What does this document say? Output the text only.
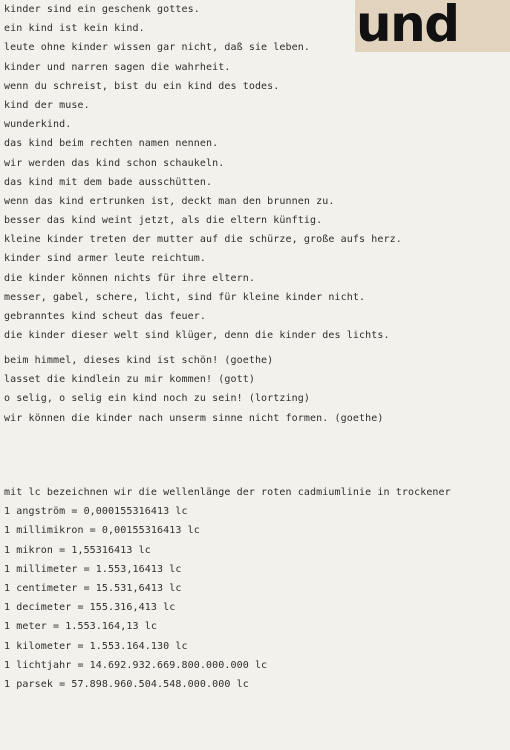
und
kinder sind ein geschenk gottes.
ein kind ist kein kind.
leute ohne kinder wissen gar nicht, daß sie leben.
kinder und narren sagen die wahrheit.
wenn du schreist, bist du ein kind des todes.
kind der muse.
wunderkind.
das kind beim rechten namen nennen.
wir werden das kind schon schaukeln.
das kind mit dem bade ausschütten.
wenn das kind ertrunken ist, deckt man den brunnen zu.
besser das kind weint jetzt, als die eltern künftig.
kleine kinder treten der mutter auf die schürze, große aufs herz.
kinder sind armer leute reichtum.
die kinder können nichts für ihre eltern.
messer, gabel, schere, licht, sind für kleine kinder nicht.
gebranntes kind scheut das feuer.
die kinder dieser welt sind klüger, denn die kinder des lichts.
beim himmel, dieses kind ist schön! (goethe)
lasset die kindlein zu mir kommen! (gott)
o selig, o selig ein kind noch zu sein! (lortzing)
wir können die kinder nach unserm sinne nicht formen. (goethe)
mit lc bezeichnen wir die wellenlänge der roten cadmiumlinie in trockener
1 angström = 0,000155316413 lc
1 millimikron = 0,00155316413 lc
1 mikron = 1,55316413 lc
1 millimeter = 1.553,16413 lc
1 centimeter = 15.531,6413 lc
1 decimeter = 155.316,413 lc
1 meter = 1.553.164,13 lc
1 kilometer = 1.553.164.130 lc
1 lichtjahr = 14.692.932.669.800.000.000 lc
1 parsek = 57.898.960.504.548.000.000 lc
